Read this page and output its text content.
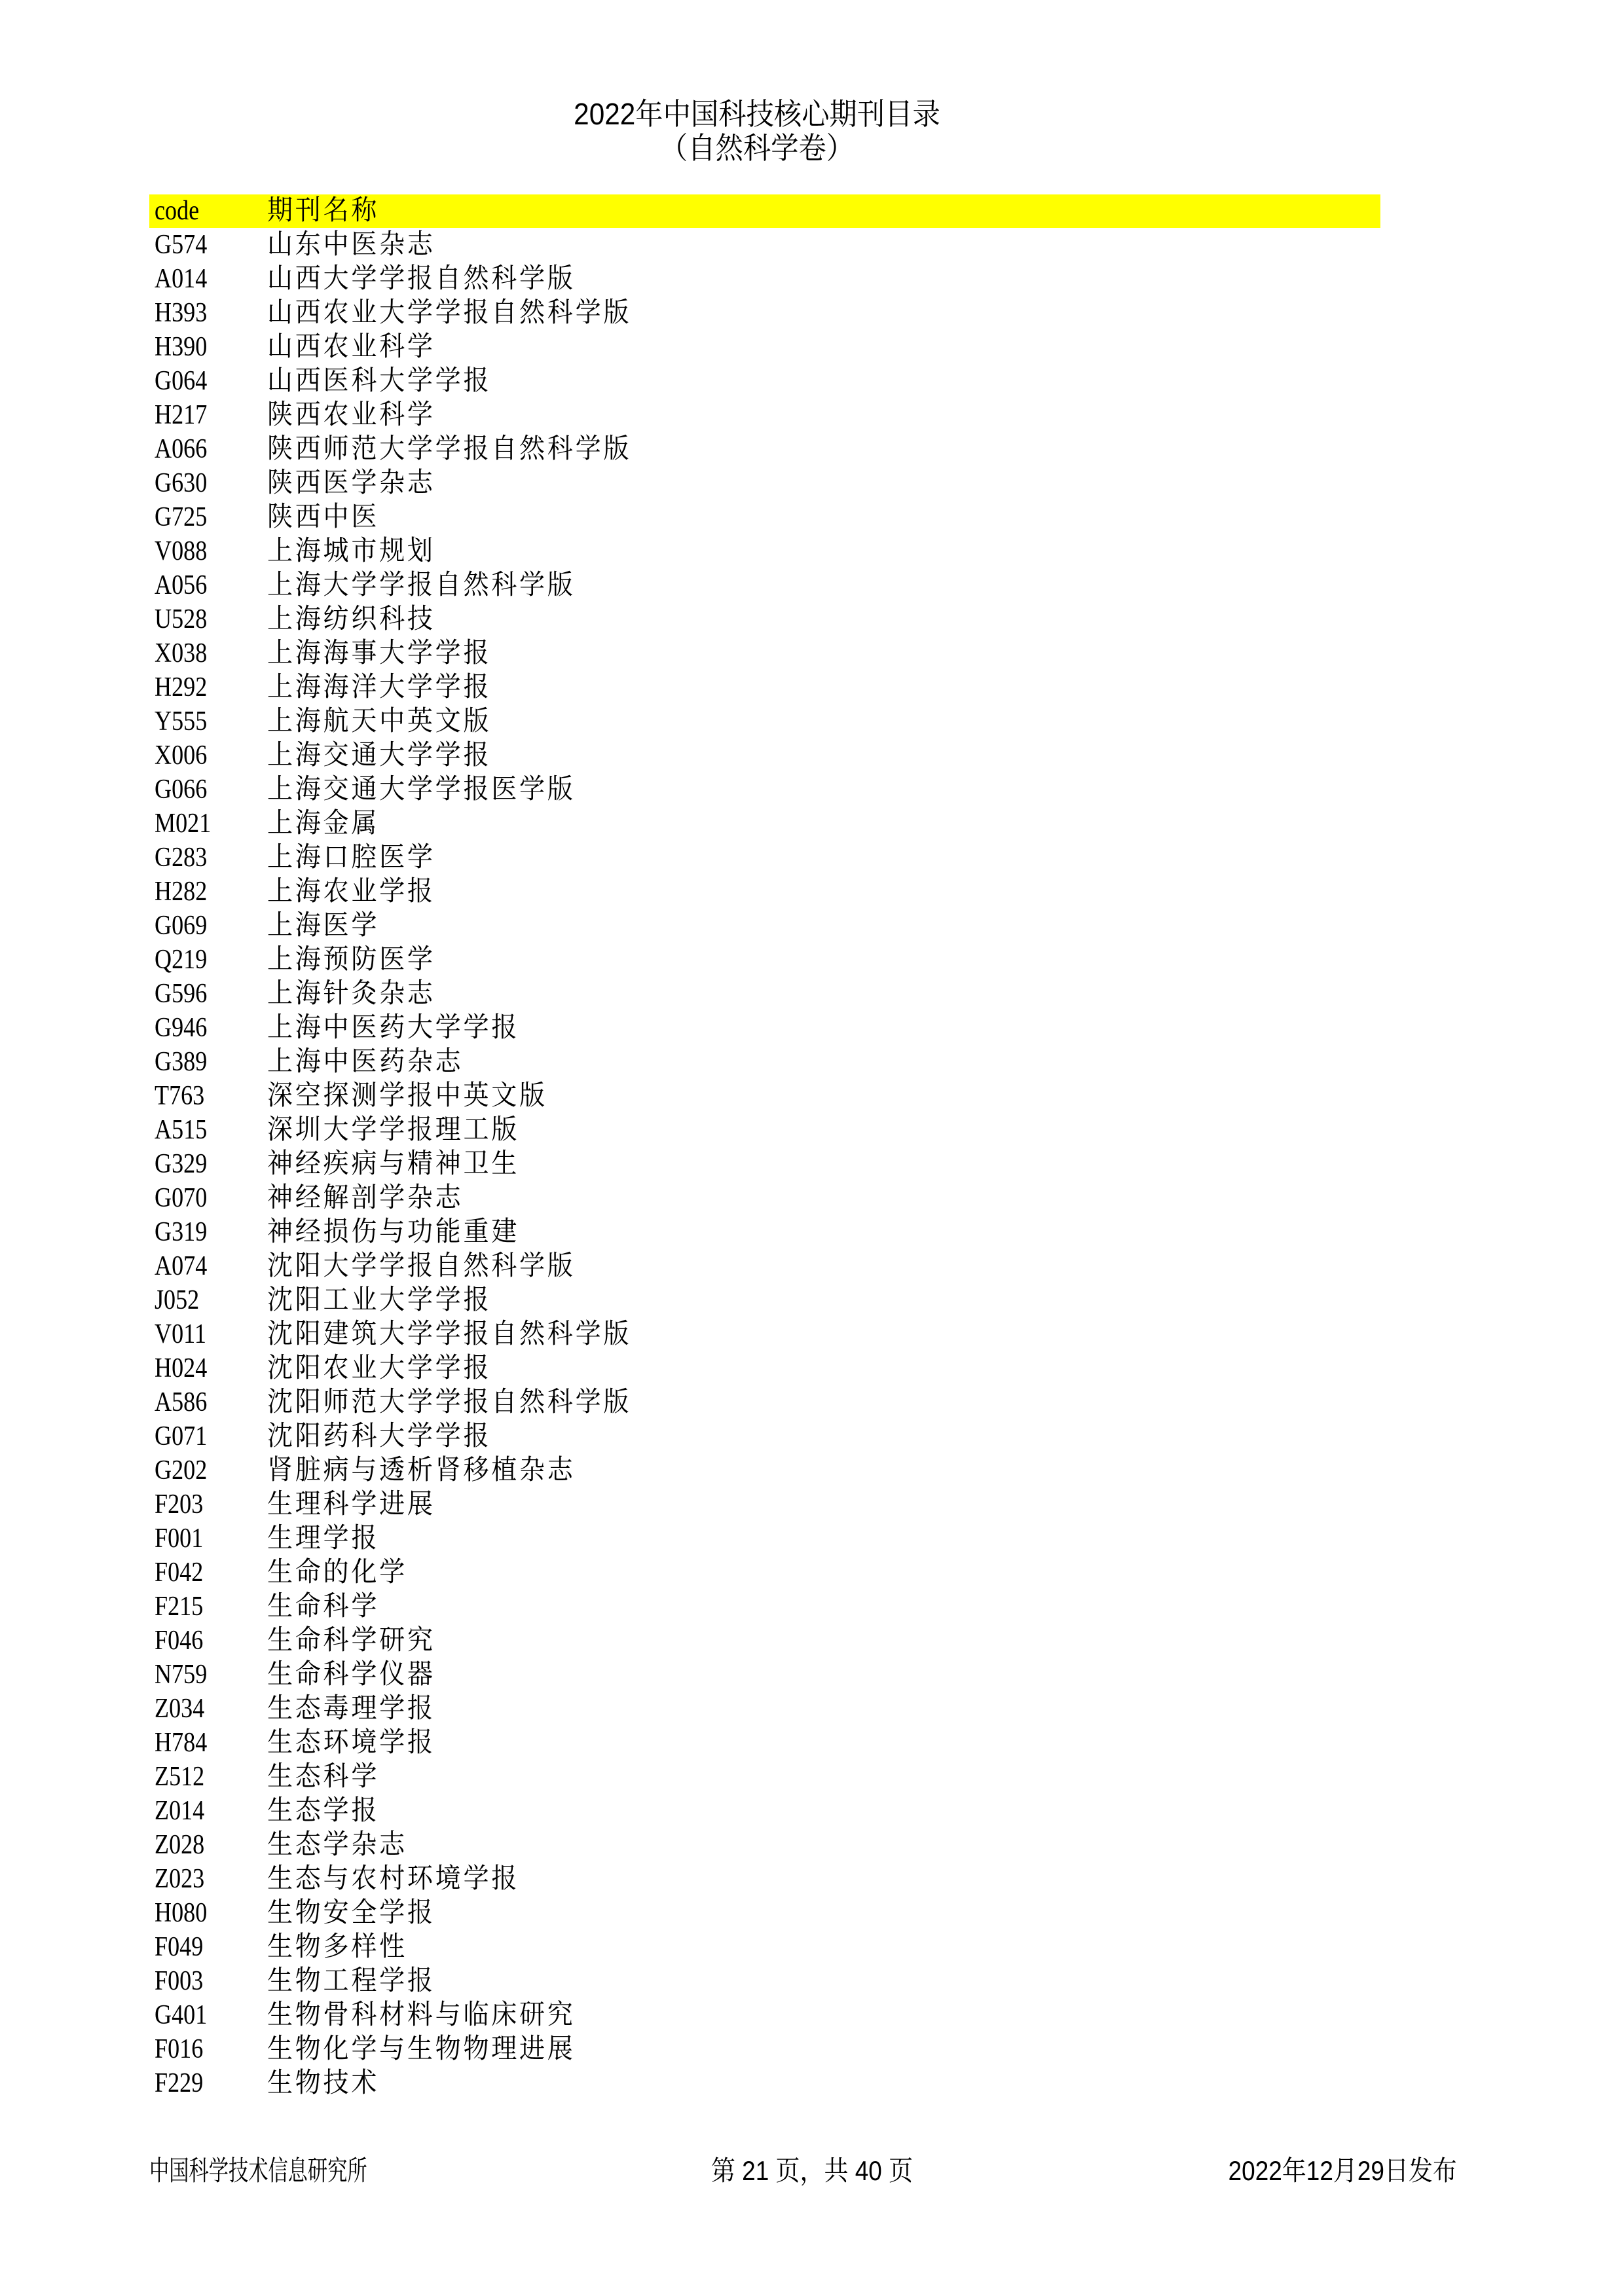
2022年中国科技核心期刊目录
（自然科学卷）
code 期刊名称
G574 山东中医杂志
A014 山西大学学报自然科学版
H393 山西农业大学学报自然科学版
H390 山西农业科学
G064 山西医科大学学报
H217 陕西农业科学
A066 陕西师范大学学报自然科学版
G630 陕西医学杂志
G725 陕西中医
V088 上海城市规划
A056 上海大学学报自然科学版
U528 上海纺织科技
X038 上海海事大学学报
H292 上海海洋大学学报
Y555 上海航天中英文版
X006 上海交通大学学报
G066 上海交通大学学报医学版
M021 上海金属
G283 上海口腔医学
H282 上海农业学报
G069 上海医学
Q219 上海预防医学
G596 上海针灸杂志
G946 上海中医药大学学报
G389 上海中医药杂志
T763 深空探测学报中英文版
A515 深圳大学学报理工版
G329 神经疾病与精神卫生
G070 神经解剖学杂志
G319 神经损伤与功能重建
A074 沈阳大学学报自然科学版
J052 沈阳工业大学学报
V011 沈阳建筑大学学报自然科学版
H024 沈阳农业大学学报
A586 沈阳师范大学学报自然科学版
G071 沈阳药科大学学报
G202 肾脏病与透析肾移植杂志
F203 生理科学进展
F001 生理学报
F042 生命的化学
F215 生命科学
F046 生命科学研究
N759 生命科学仪器
Z034 生态毒理学报
H784 生态环境学报
Z512 生态科学
Z014 生态学报
Z028 生态学杂志
Z023 生态与农村环境学报
H080 生物安全学报
F049 生物多样性
F003 生物工程学报
G401 生物骨科材料与临床研究
F016 生物化学与生物物理进展
F229 生物技术
中国科学技术信息研究所	第 21 页，共 40 页	2022年12月29日发布
